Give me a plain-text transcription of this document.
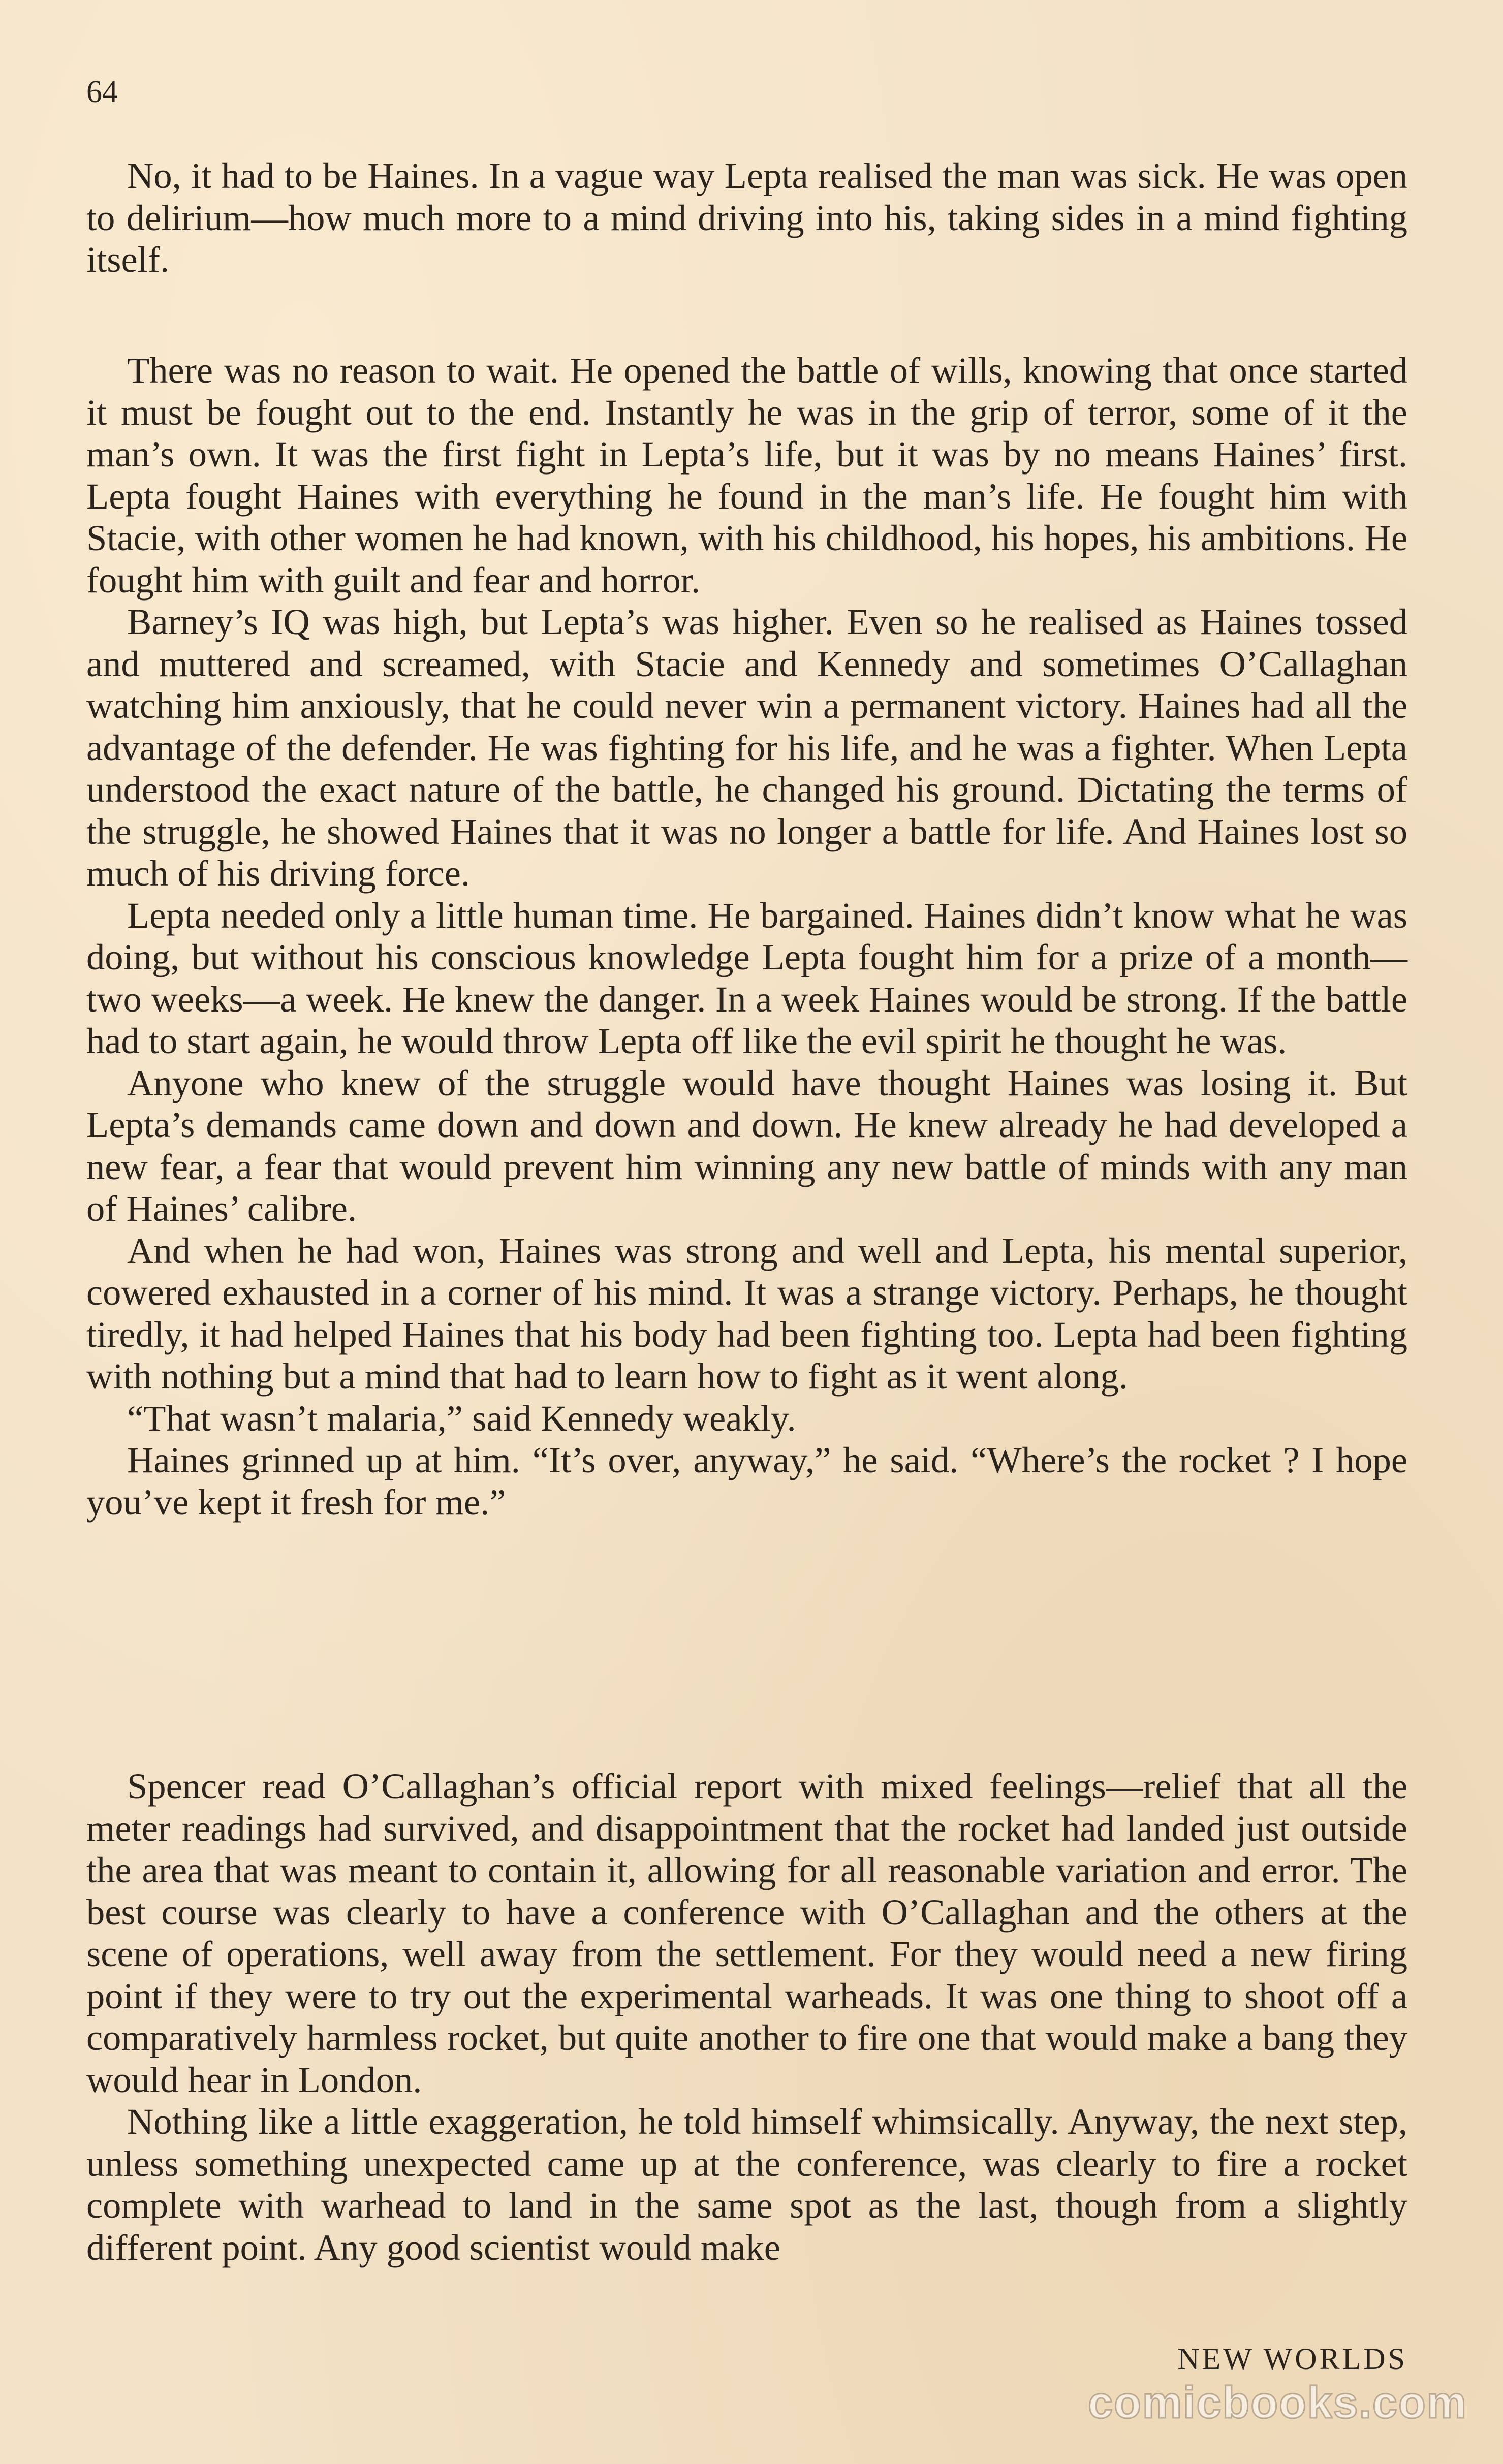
64

No, it had to be Haines. In a vague way Lepta realised the man was sick. He was open to delirium—how much more to a mind driving into his, taking sides in a mind fighting itself.

There was no reason to wait. He opened the battle of wills, knowing that once started it must be fought out to the end. Instantly he was in the grip of terror, some of it the man’s own. It was the first fight in Lepta’s life, but it was by no means Haines’ first. Lepta fought Haines with everything he found in the man’s life. He fought him with Stacie, with other women he had known, with his childhood, his hopes, his ambitions. He fought him with guilt and fear and horror.

Barney’s IQ was high, but Lepta’s was higher. Even so he realised as Haines tossed and muttered and screamed, with Stacie and Kennedy and sometimes O’Callaghan watching him anxiously, that he could never win a permanent victory. Haines had all the advantage of the defender. He was fighting for his life, and he was a fighter. When Lepta understood the exact nature of the battle, he changed his ground. Dictating the terms of the struggle, he showed Haines that it was no longer a battle for life. And Haines lost so much of his driving force.

Lepta needed only a little human time. He bargained. Haines didn’t know what he was doing, but without his conscious knowledge Lepta fought him for a prize of a month—two weeks—a week. He knew the danger. In a week Haines would be strong. If the battle had to start again, he would throw Lepta off like the evil spirit he thought he was.

Anyone who knew of the struggle would have thought Haines was losing it. But Lepta’s demands came down and down and down. He knew already he had developed a new fear, a fear that would prevent him winning any new battle of minds with any man of Haines’ calibre.

And when he had won, Haines was strong and well and Lepta, his mental superior, cowered exhausted in a corner of his mind. It was a strange victory. Perhaps, he thought tiredly, it had helped Haines that his body had been fighting too. Lepta had been fighting with nothing but a mind that had to learn how to fight as it went along.

“That wasn’t malaria,” said Kennedy weakly.

Haines grinned up at him. “It’s over, anyway,” he said. “Where’s the rocket ? I hope you’ve kept it fresh for me.”

Spencer read O’Callaghan’s official report with mixed feelings—relief that all the meter readings had survived, and disappointment that the rocket had landed just outside the area that was meant to contain it, allowing for all reasonable variation and error. The best course was clearly to have a conference with O’Callaghan and the others at the scene of operations, well away from the settlement. For they would need a new firing point if they were to try out the experimental warheads. It was one thing to shoot off a comparatively harmless rocket, but quite another to fire one that would make a bang they would hear in London.

Nothing like a little exaggeration, he told himself whimsically. Anyway, the next step, unless something unexpected came up at the conference, was clearly to fire a rocket complete with warhead to land in the same spot as the last, though from a slightly different point. Any good scientist would make

NEW WORLDS
comicbooks.com
